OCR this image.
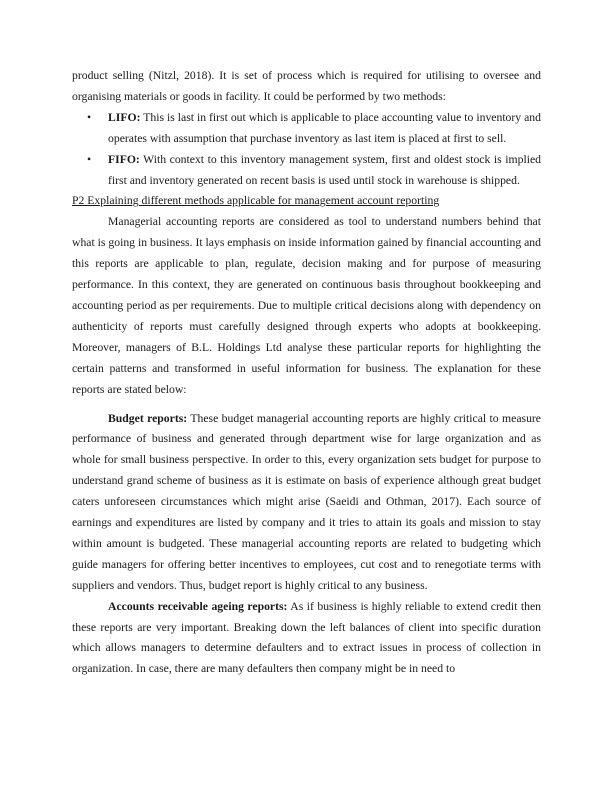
product selling (Nitzl, 2018). It is set of process which is required for utilising to oversee and organising materials or goods in facility. It could be performed by two methods:

• LIFO: This is last in first out which is applicable to place accounting value to inventory and operates with assumption that purchase inventory as last item is placed at first to sell.
• FIFO: With context to this inventory management system, first and oldest stock is implied first and inventory generated on recent basis is used until stock in warehouse is shipped.

P2 Explaining different methods applicable for management account reporting

Managerial accounting reports are considered as tool to understand numbers behind that what is going in business. It lays emphasis on inside information gained by financial accounting and this reports are applicable to plan, regulate, decision making and for purpose of measuring performance. In this context, they are generated on continuous basis throughout bookkeeping and accounting period as per requirements. Due to multiple critical decisions along with dependency on authenticity of reports must carefully designed through experts who adopts at bookkeeping. Moreover, managers of B.L. Holdings Ltd analyse these particular reports for highlighting the certain patterns and transformed in useful information for business. The explanation for these reports are stated below:

Budget reports: These budget managerial accounting reports are highly critical to measure performance of business and generated through department wise for large organization and as whole for small business perspective. In order to this, every organization sets budget for purpose to understand grand scheme of business as it is estimate on basis of experience although great budget caters unforeseen circumstances which might arise (Saeidi and Othman, 2017). Each source of earnings and expenditures are listed by company and it tries to attain its goals and mission to stay within amount is budgeted. These managerial accounting reports are related to budgeting which guide managers for offering better incentives to employees, cut cost and to renegotiate terms with suppliers and vendors. Thus, budget report is highly critical to any business.

Accounts receivable ageing reports: As if business is highly reliable to extend credit then these reports are very important. Breaking down the left balances of client into specific duration which allows managers to determine defaulters and to extract issues in process of collection in organization. In case, there are many defaulters then company might be in need to
